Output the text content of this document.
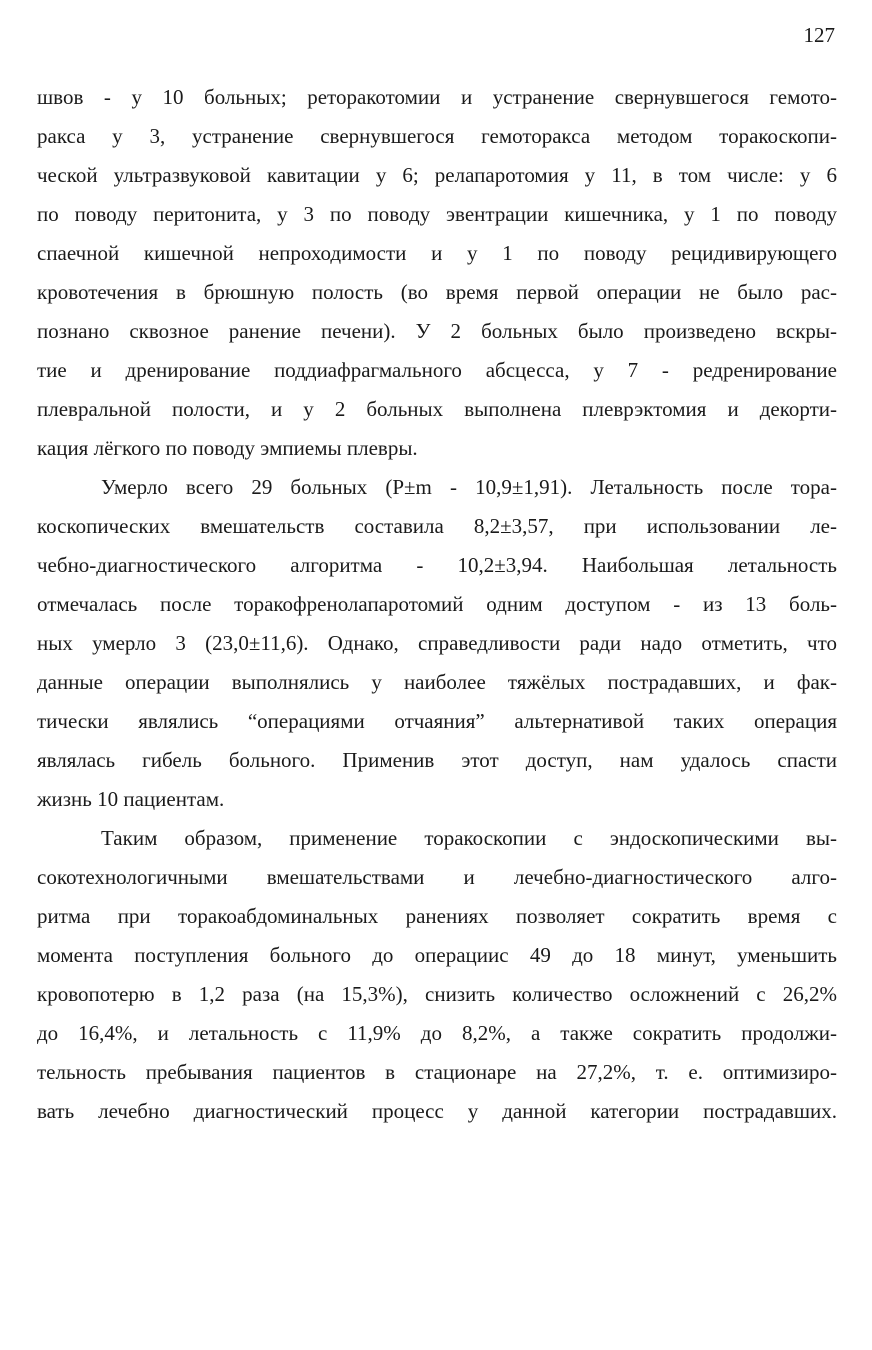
127
швов - у 10 больных; реторакотомии и устранение свернувшегося гемото-
ракса у 3, устранение свернувшегося гемоторакса методом торакоскопи-
ческой ультразвуковой кавитации у 6; релапаротомия у 11, в том числе: у 6
по поводу перитонита, у 3 по поводу эвентрации кишечника, у 1 по поводу
спаечной кишечной непроходимости и у 1 по поводу рецидивирующего
кровотечения в брюшную полость (во время первой операции не было рас-
познано сквозное ранение печени). У 2 больных было произведено вскры-
тие и дренирование поддиафрагмального абсцесса, у 7 - редренирование
плевральной полости, и у 2 больных выполнена плеврэктомия и декорти-
кация лёгкого по поводу эмпиемы плевры.
Умерло всего 29 больных (P±m - 10,9±1,91). Летальность после тора-
коскопических вмешательств составила 8,2±3,57, при использовании ле-
чебно-диагностического алгоритма - 10,2±3,94. Наибольшая летальность
отмечалась после торакофренолапаротомий одним доступом - из 13 боль-
ных умерло 3 (23,0±11,6). Однако, справедливости ради надо отметить, что
данные операции выполнялись у наиболее тяжёлых пострадавших, и фак-
тически являлись “операциями отчаяния” альтернативой таких операция
являлась гибель больного. Применив этот доступ, нам удалось спасти
жизнь 10 пациентам.
Таким образом, применение торакоскопии с эндоскопическими вы-
сокотехнологичными вмешательствами и лечебно-диагностического алго-
ритма при торакоабдоминальных ранениях позволяет сократить время с
момента поступления больного до операциис 49 до 18 минут, уменьшить
кровопотерю в 1,2 раза (на 15,3%), снизить количество осложнений с 26,2%
до 16,4%, и летальность с 11,9% до 8,2%, а также сократить продолжи-
тельность пребывания пациентов в стационаре на 27,2%, т. е. оптимизиро-
вать лечебно диагностический процесс у данной категории пострадавших.
